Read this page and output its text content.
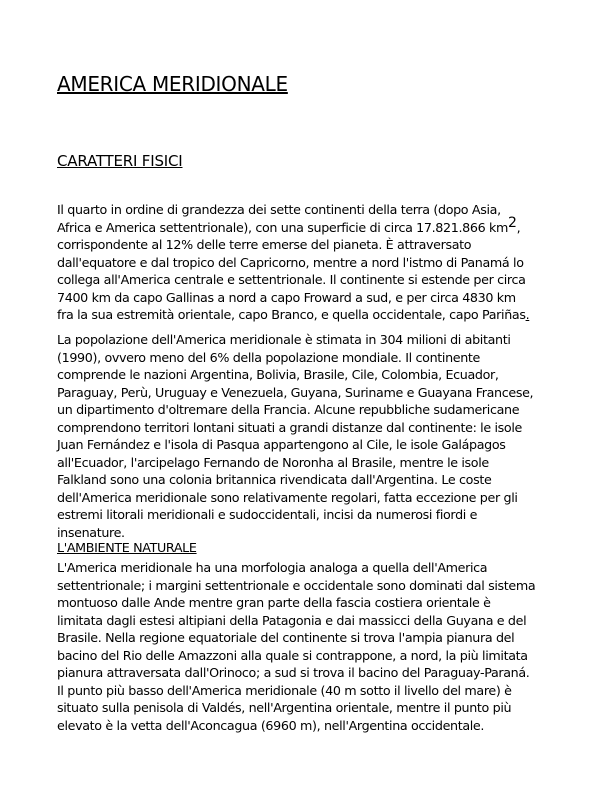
AMERICA MERIDIONALE
CARATTERI FISICI

Il quarto in ordine di grandezza dei sette continenti della terra (dopo Asia,
Africa e America settentrionale), con una superficie di circa 17.821.866 $km^2$,
corrispondente al 12% delle terre emerse del pianeta. È attraversato
dall'equatore e dal tropico del Capricorno, mentre a nord l'istmo di Panamá lo
collega all'America centrale e settentrionale. Il continente si estende per circa
7400 km da capo Gallinas a nord a capo Froward a sud, e per circa 4830 km
fra la sua estremità orientale, capo Branco, e quella occidentale, capo Pariñas.

La popolazione dell'America meridionale è stimata in 304 milioni di abitanti
(1990), ovvero meno del 6% della popolazione mondiale. Il continente
comprende le nazioni Argentina, Bolivia, Brasile, Cile, Colombia, Ecuador,
Paraguay, Perù, Uruguay e Venezuela, Guyana, Suriname e Guayana Francese,
un dipartimento d'oltremare della Francia. Alcune repubbliche sudamericane
comprendono territori lontani situati a grandi distanze dal continente: le isole
Juan Fernández e l'isola di Pasqua appartengono al Cile, le isole Galápagos
all'Ecuador, l'arcipelago Fernando de Noronha al Brasile, mentre le isole
Falkland sono una colonia britannica rivendicata dall'Argentina. Le coste
dell'America meridionale sono relativamente regolari, fatta eccezione per gli
estremi litorali meridionali e sudoccidentali, incisi da numerosi fiordi e
insenature.

L'AMBIENTE NATURALE

L'America meridionale ha una morfologia analoga a quella dell'America
settentrionale; i margini settentrionale e occidentale sono dominati dal sistema
montuoso dalle Ande mentre gran parte della fascia costiera orientale è
limitata dagli estesi altipiani della Patagonia e dai massicci della Guyana e del
Brasile. Nella regione equatoriale del continente si trova l'ampia pianura del
bacino del Rio delle Amazzoni alla quale si contrappone, a nord, la più limitata
pianura attraversata dall'Orinoco; a sud si trova il bacino del Paraguay-Paraná.
Il punto più basso dell'America meridionale (40 m sotto il livello del mare) è
situato sulla penisola di Valdés, nell'Argentina orientale, mentre il punto più
elevato è la vetta dell'Aconcagua (6960 m), nell'Argentina occidentale.
